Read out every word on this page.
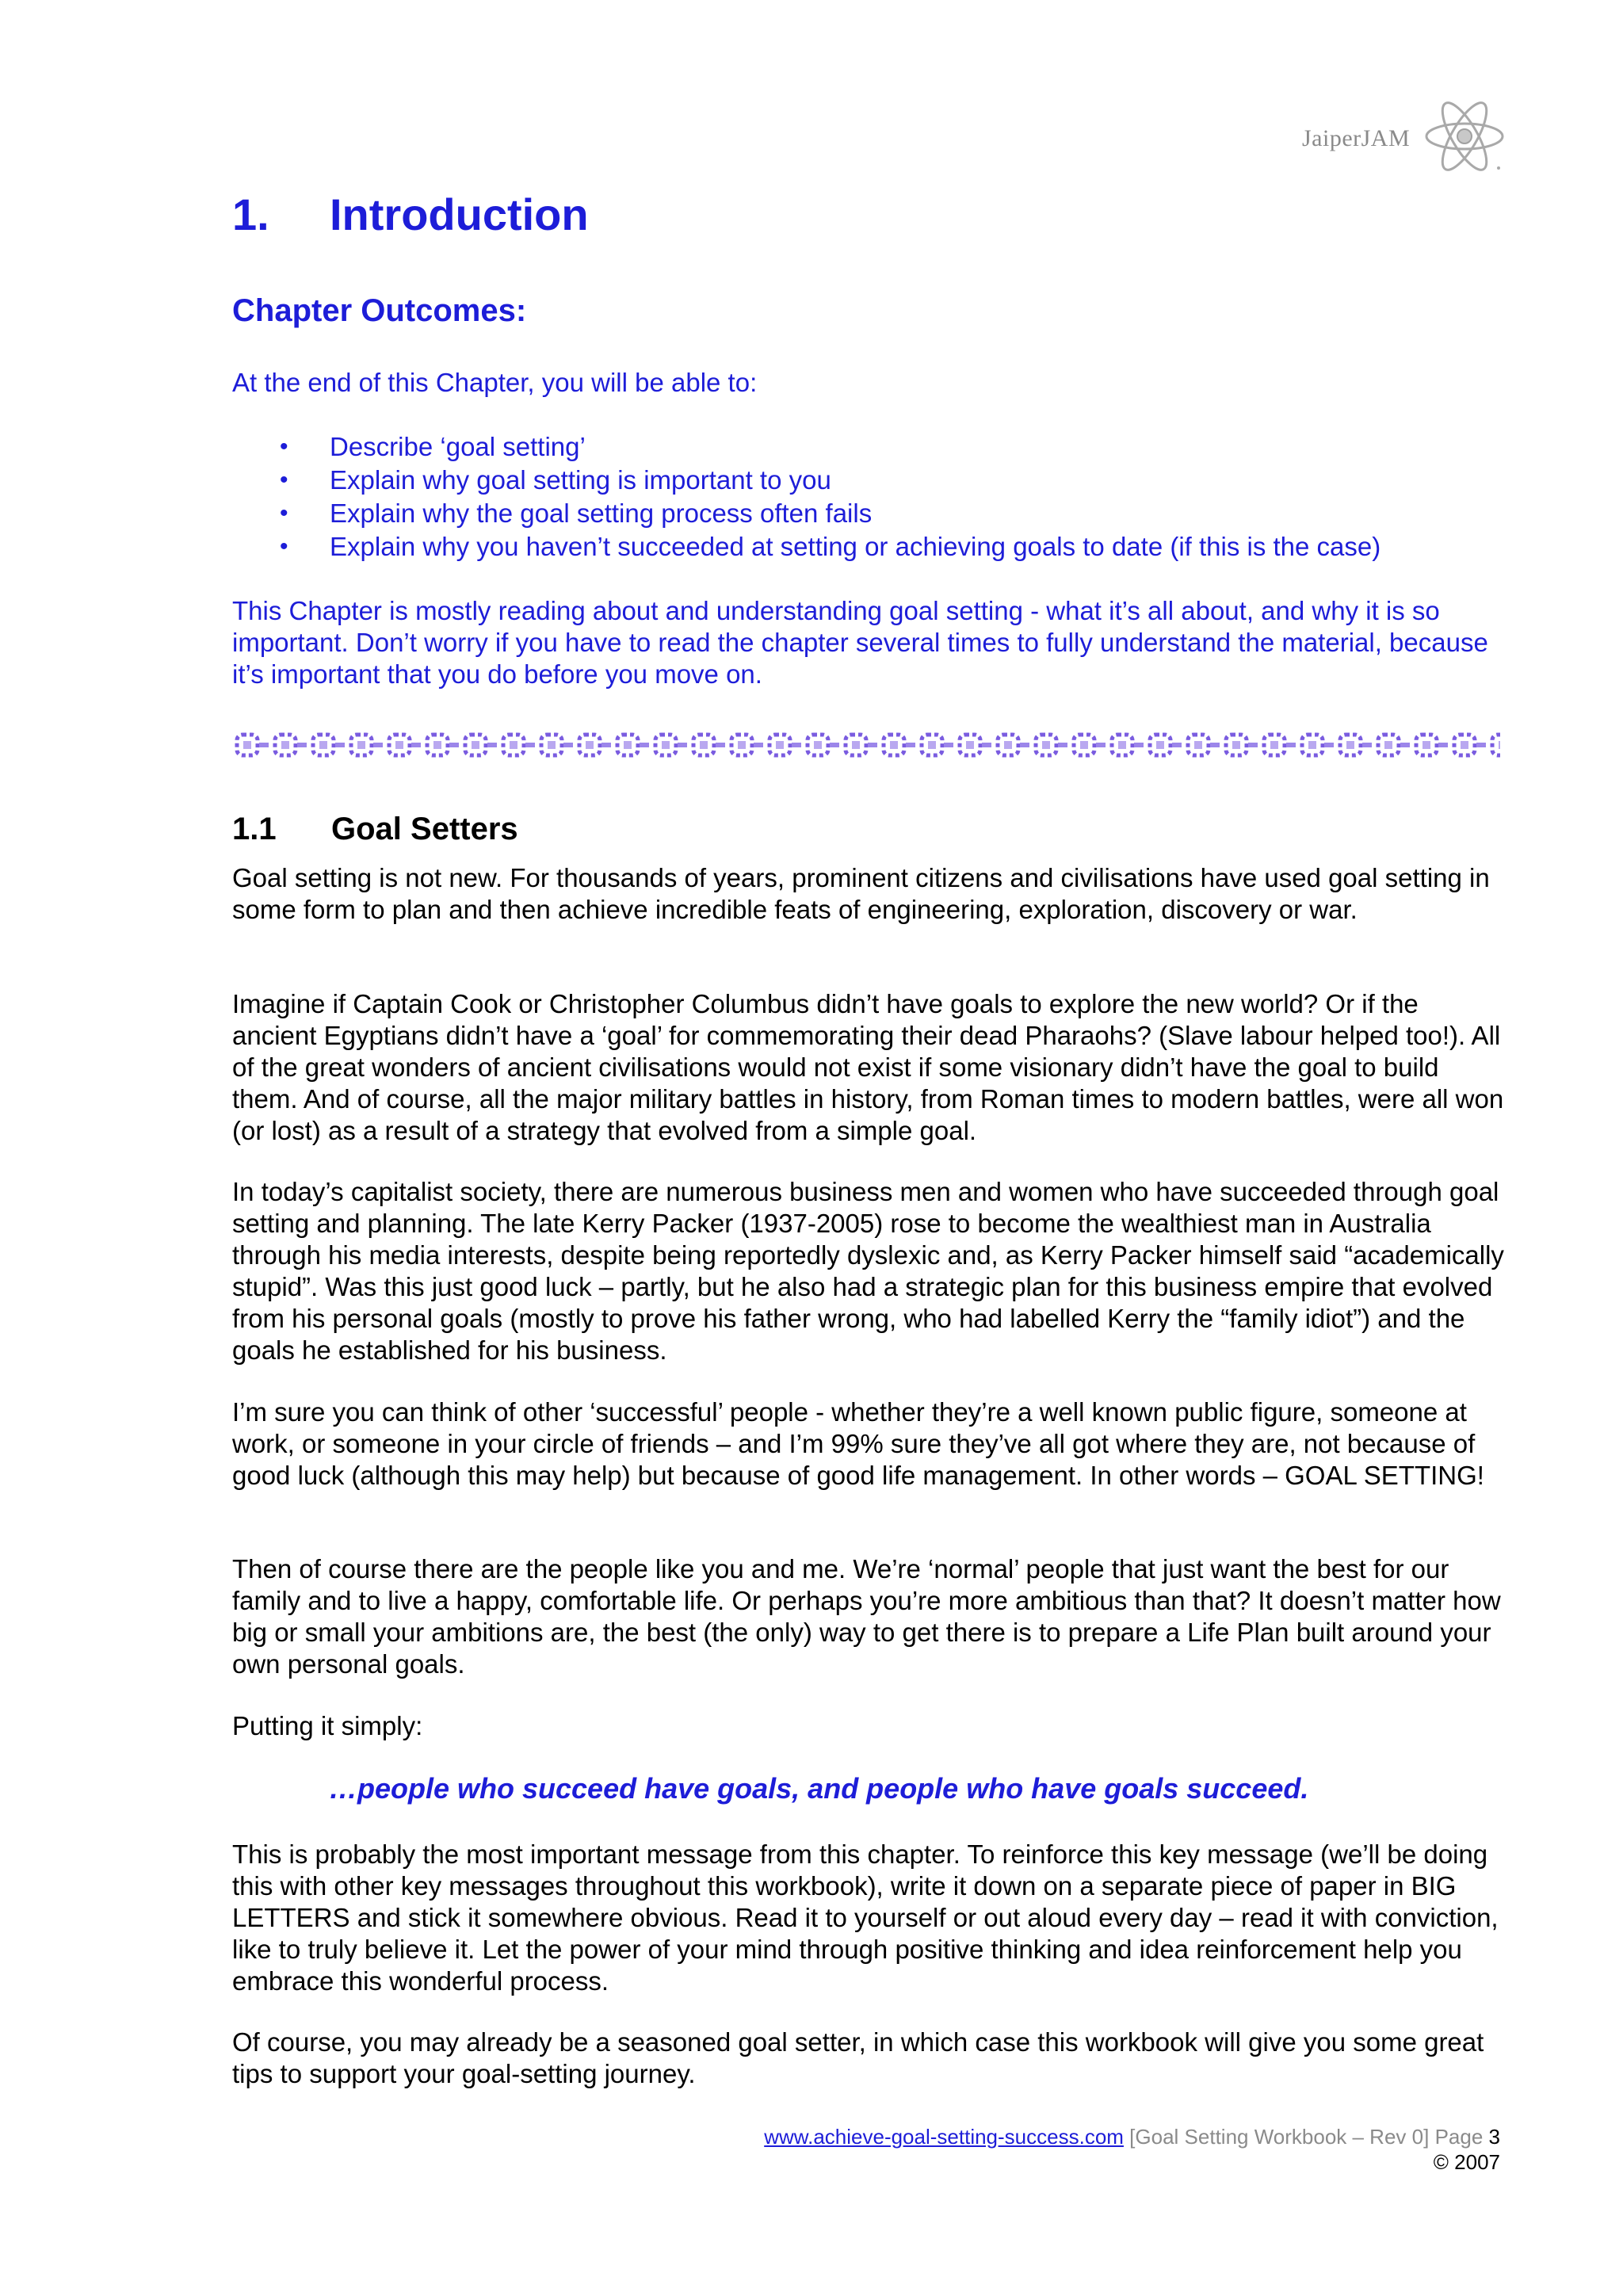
JaiperJAM
1. Introduction
Chapter Outcomes:

At the end of this Chapter, you will be able to:

• Describe ‘goal setting’
• Explain why goal setting is important to you
• Explain why the goal setting process often fails
• Explain why you haven’t succeeded at setting or achieving goals to date (if this is the case)

This Chapter is mostly reading about and understanding goal setting - what it’s all about, and why it is so important. Don’t worry if you have to read the chapter several times to fully understand the material, because it’s important that you do before you move on.

1.1 Goal Setters

Goal setting is not new. For thousands of years, prominent citizens and civilisations have used goal setting in some form to plan and then achieve incredible feats of engineering, exploration, discovery or war.

Imagine if Captain Cook or Christopher Columbus didn’t have goals to explore the new world? Or if the ancient Egyptians didn’t have a ‘goal’ for commemorating their dead Pharaohs? (Slave labour helped too!). All of the great wonders of ancient civilisations would not exist if some visionary didn’t have the goal to build them. And of course, all the major military battles in history, from Roman times to modern battles, were all won (or lost) as a result of a strategy that evolved from a simple goal.

In today’s capitalist society, there are numerous business men and women who have succeeded through goal setting and planning. The late Kerry Packer (1937-2005) rose to become the wealthiest man in Australia through his media interests, despite being reportedly dyslexic and, as Kerry Packer himself said “academically stupid”. Was this just good luck – partly, but he also had a strategic plan for this business empire that evolved from his personal goals (mostly to prove his father wrong, who had labelled Kerry the “family idiot”) and the goals he established for his business.

I’m sure you can think of other ‘successful’ people - whether they’re a well known public figure, someone at work, or someone in your circle of friends – and I’m 99% sure they’ve all got where they are, not because of good luck (although this may help) but because of good life management. In other words – GOAL SETTING!

Then of course there are the people like you and me. We’re ‘normal’ people that just want the best for our family and to live a happy, comfortable life. Or perhaps you’re more ambitious than that? It doesn’t matter how big or small your ambitions are, the best (the only) way to get there is to prepare a Life Plan built around your own personal goals.

Putting it simply:

…people who succeed have goals, and people who have goals succeed.

This is probably the most important message from this chapter. To reinforce this key message (we’ll be doing this with other key messages throughout this workbook), write it down on a separate piece of paper in BIG LETTERS and stick it somewhere obvious. Read it to yourself or out aloud every day – read it with conviction, like to truly believe it. Let the power of your mind through positive thinking and idea reinforcement help you embrace this wonderful process.

Of course, you may already be a seasoned goal setter, in which case this workbook will give you some great tips to support your goal-setting journey.

www.achieve-goal-setting-success.com [Goal Setting Workbook – Rev 0] Page 3
© 2007
